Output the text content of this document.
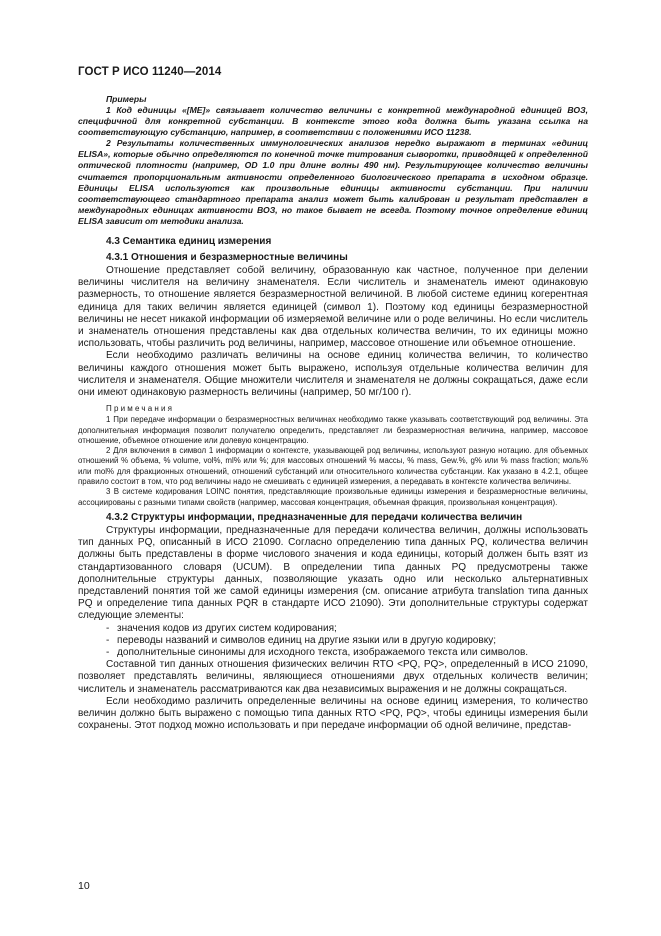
ГОСТ Р ИСО 11240—2014
Примеры

1 Код единицы «[ME]» связывает количество величины с конкретной международной единицей ВОЗ, специфичной для конкретной субстанции. В контексте этого кода должна быть указана ссылка на соответствующую субстанцию, например, в соответствии с положениями ИСО 11238.

2 Результаты количественных иммунологических анализов нередко выражают в терминах «единиц ELISA», которые обычно определяются по конечной точке титрования сыворотки, приводящей к определенной оптической плотности (например, OD 1.0 при длине волны 490 нм). Результирующее количество величины считается пропорциональным активности определенного биологического препарата в исходном образце. Единицы ELISA используются как произвольные единицы активности субстанции. При наличии соответствующего стандартного препарата анализ может быть калиброван и результат представлен в международных единицах активности ВОЗ, но такое бывает не всегда. Поэтому точное определение единиц ELISA зависит от методики анализа.

4.3 Семантика единиц измерения
4.3.1 Отношения и безразмерностные величины

Отношение представляет собой величину, образованную как частное, полученное при делении величины числителя на величину знаменателя. Если числитель и знаменатель имеют одинаковую размерность, то отношение является безразмерностной величиной. В любой системе единиц когерентная единица для таких величин является единицей (символ 1). Поэтому код единицы безразмерностной величины не несет никакой информации об измеряемой величине или о роде величины. Но если числитель и знаменатель отношения представлены как два отдельных количества величин, то их единицы можно использовать, чтобы различить род величины, например, массовое отношение или объемное отношение.

Если необходимо различать величины на основе единиц количества величин, то количество величины каждого отношения может быть выражено, используя отдельные количества величин для числителя и знаменателя. Общие множители числителя и знаменателя не должны сокращаться, даже если они имеют одинаковую размерность величины (например, 50 мг/100 г).

Примечания

1 При передаче информации о безразмерностных величинах необходимо также указывать соответствующий род величины. Эта дополнительная информация позволит получателю определить, представляет ли безразмерностная величина, например, массовое отношение, объемное отношение или долевую концентрацию.

2 Для включения в символ 1 информации о контексте, указывающей род величины, используют разную нотацию. для объемных отношений % объема, % volume, vol%, ml% или %; для массовых отношений % массы, % mass, Gew.%, g% или % mass fraction; моль% или mol% для фракционных отношений, отношений субстанций или относительного количества субстанции. Как указано в 4.2.1, общее правило состоит в том, что род величины надо не смешивать с единицей измерения, а передавать в контексте количества величины.

3 В системе кодирования LOINC понятия, представляющие произвольные единицы измерения и безразмерностные величины, ассоциированы с разными типами свойств (например, массовая концентрация, объемная фракция, произвольная концентрация).

4.3.2 Структуры информации, предназначенные для передачи количества величин

Структуры информации, предназначенные для передачи количества величин, должны использовать тип данных PQ, описанный в ИСО 21090. Согласно определению типа данных PQ, количества величин должны быть представлены в форме числового значения и кода единицы, который должен быть взят из стандартизованного словаря (UCUM). В определении типа данных PQ предусмотрены также дополнительные структуры данных, позволяющие указать одно или несколько альтернативных представлений понятия той же самой единицы измерения (см. описание атрибута translation типа данных PQ и определение типа данных PQR в стандарте ИСО 21090). Эти дополнительные структуры содержат следующие элементы:

- значения кодов из других систем кодирования;
- переводы названий и символов единиц на другие языки или в другую кодировку;
- дополнительные синонимы для исходного текста, изображаемого текста или символов.

Составной тип данных отношения физических величин RTO <PQ, PQ>, определенный в ИСО 21090, позволяет представлять величины, являющиеся отношениями двух отдельных количеств величин; числитель и знаменатель рассматриваются как два независимых выражения и не должны сокращаться.

Если необходимо различить определенные величины на основе единиц измерения, то количество величин должно быть выражено с помощью типа данных RTO <PQ, PQ>, чтобы единицы измерения были сохранены. Этот подход можно использовать и при передаче информации об одной величине, представ-

10
